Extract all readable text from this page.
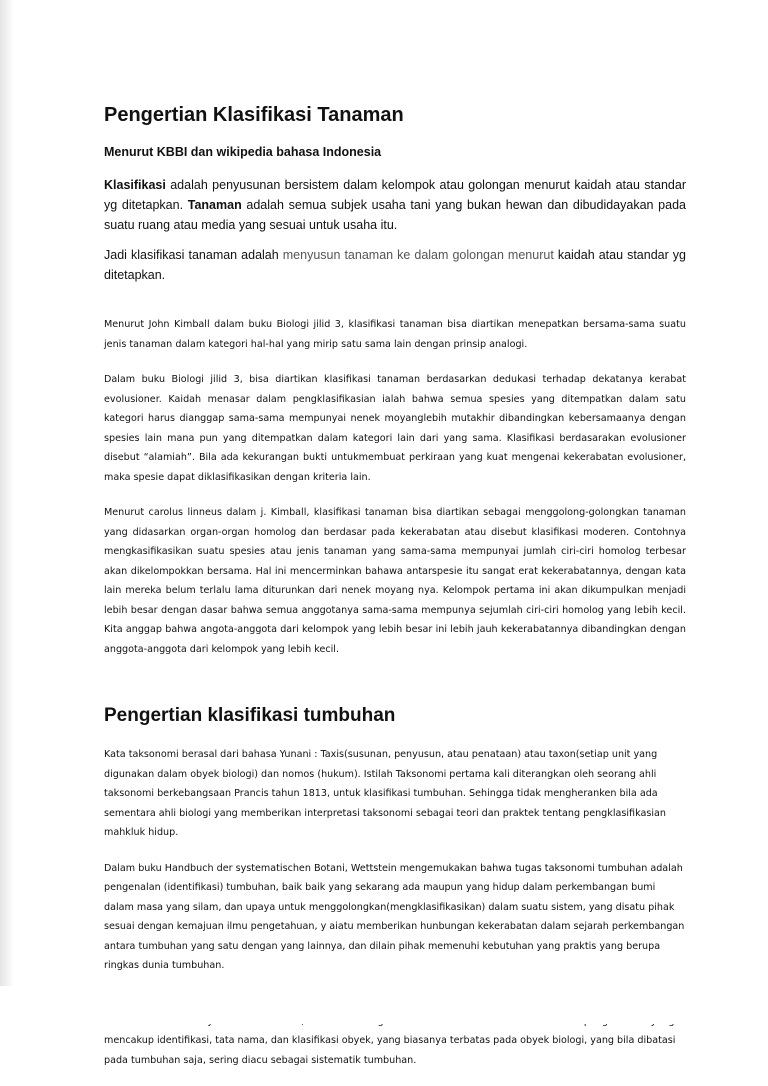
Pengertian Klasifikasi Tanaman

Menurut KBBI dan wikipedia bahasa Indonesia

Klasifikasi adalah penyusunan bersistem dalam kelompok atau golongan menurut kaidah atau standar yg ditetapkan. Tanaman adalah semua subjek usaha tani yang bukan hewan dan dibudidayakan pada suatu ruang atau media yang sesuai untuk usaha itu.

Jadi klasifikasi tanaman adalah menyusun tanaman ke dalam golongan menurut kaidah atau standar yg ditetapkan.

Menurut John Kimball dalam buku Biologi jilid 3, klasifikasi tanaman bisa diartikan menepatkan bersama-sama suatu jenis tanaman dalam kategori hal-hal yang mirip satu sama lain dengan prinsip analogi.

Dalam buku Biologi jilid 3, bisa diartikan klasifikasi tanaman berdasarkan dedukasi terhadap dekatanya kerabat evolusioner. Kaidah menasar dalam pengklasifikasian ialah bahwa semua spesies yang ditempatkan dalam satu kategori harus dianggap sama-sama mempunyai nenek moyanglebih mutakhir dibandingkan kebersamaanya dengan spesies lain mana pun yang ditempatkan dalam kategori lain dari yang sama. Klasifikasi berdasarakan evolusioner disebut “alamiah”. Bila ada kekurangan bukti untukmembuat perkiraan yang kuat mengenai kekerabatan evolusioner, maka spesie dapat diklasifikasikan dengan kriteria lain.

Menurut carolus linneus dalam j. Kimball, klasifikasi tanaman bisa diartikan sebagai menggolong-golongkan tanaman yang didasarkan organ-organ homolog dan berdasar pada kekerabatan atau disebut klasifikasi moderen. Contohnya mengkasifikasikan suatu spesies atau jenis tanaman yang sama-sama mempunyai jumlah ciri-ciri homolog terbesar akan dikelompokkan bersama. Hal ini mencerminkan bahawa antarspesie itu sangat erat kekerabatannya, dengan kata lain mereka belum terlalu lama diturunkan dari nenek moyang nya. Kelompok pertama ini akan dikumpulkan menjadi lebih besar dengan dasar bahwa semua anggotanya sama-sama mempunya sejumlah ciri-ciri homolog yang lebih kecil. Kita anggap bahwa angota-anggota dari kelompok yang lebih besar ini lebih jauh kekerabatannya dibandingkan dengan anggota-anggota dari kelompok yang lebih kecil.

Pengertian klasifikasi tumbuhan

Kata taksonomi berasal dari bahasa Yunani : Taxis(susunan, penyusun, atau penataan) atau taxon(setiap unit yang digunakan dalam obyek biologi) dan nomos (hukum). Istilah Taksonomi pertama kali diterangkan oleh seorang ahli taksonomi berkebangsaan Prancis tahun 1813, untuk klasifikasi tumbuhan. Sehingga tidak mengheranken bila ada sementara ahli biologi yang memberikan interpretasi taksonomi sebagai teori dan praktek tentang pengklasifikasian mahkluk hidup.

Dalam buku Handbuch der systematischen Botani, Wettstein mengemukakan bahwa tugas taksonomi tumbuhan adalah pengenalan (identifikasi) tumbuhan, baik baik yang sekarang ada maupun yang hidup dalam perkembangan bumi dalam masa yang silam, dan upaya untuk menggolongkan(mengklasifikasikan) dalam suatu sistem, yang disatu pihak sesuai dengan kemajuan ilmu pengetahuan, y aiatu memberikan hunbungan kekerabatan dalam sejarah perkembangan antara tumbuhan yang satu dengan yang lainnya, dan dilain pihak memenuhi kebutuhan yang praktis yang berupa ringkas dunia tumbuhan.

mencakup identifikasi, tata nama, dan klasifikasi obyek, yang biasanya terbatas pada obyek biologi, yang bila dibatasi pada tumbuhan saja, sering diacu sebagai sistematik tumbuhan.
